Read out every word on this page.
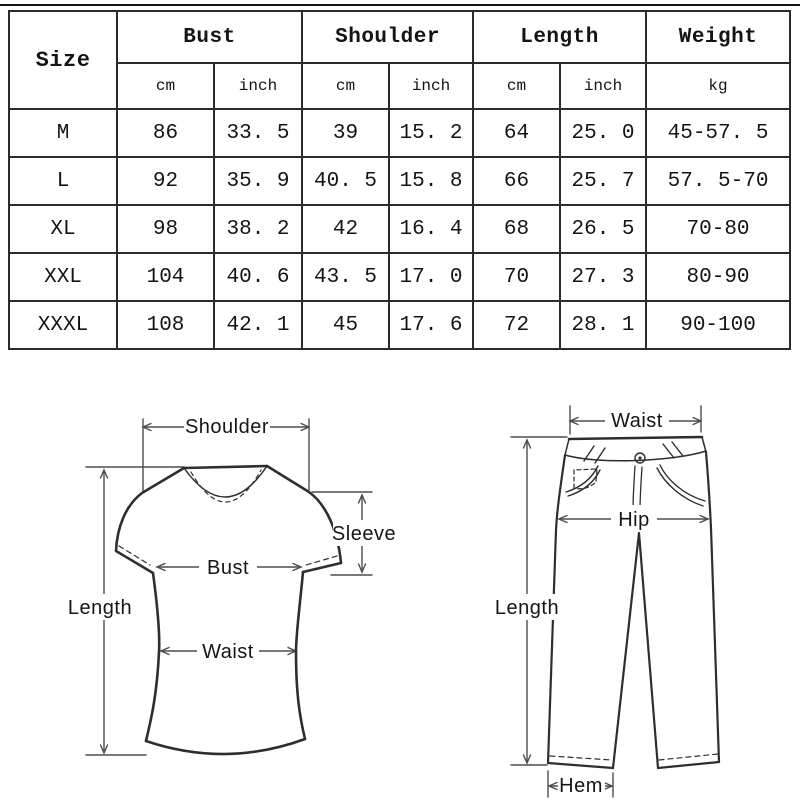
Size	Bust		Shoulder		Length		Weight
	cm	inch	cm	inch	cm	inch	kg
M	86	33. 5	39	15. 2	64	25. 0	45-57. 5
L	92	35. 9	40. 5	15. 8	66	25. 7	57. 5-70
XL	98	38. 2	42	16. 4	68	26. 5	70-80
XXL	104	40. 6	43. 5	17. 0	70	27. 3	80-90
XXXL	108	42. 1	45	17. 6	72	28. 1	90-100
Shoulder
Sleeve
Bust
Length
Waist
Waist
Hip
Length
Hem
